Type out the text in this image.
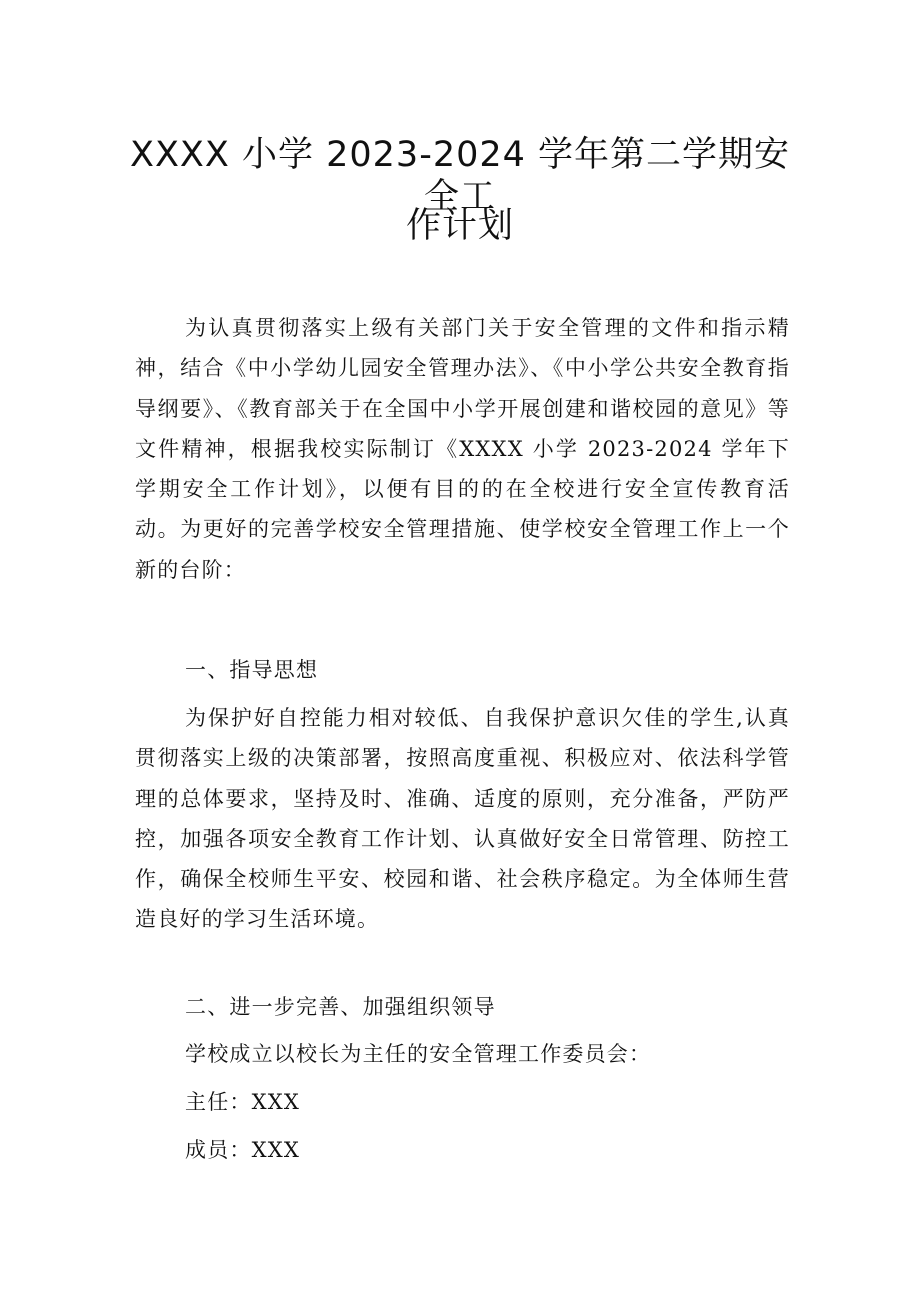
XXXX 小学 2023-2024 学年第二学期安全工
作计划

为认真贯彻落实上级有关部门关于安全管理的文件和指示精神，结合《中小学幼儿园安全管理办法》、《中小学公共安全教育指导纲要》、《教育部关于在全国中小学开展创建和谐校园的意见》等文件精神，根据我校实际制订《XXXX 小学 2023-2024 学年下学期安全工作计划》，以便有目的的在全校进行安全宣传教育活动。为更好的完善学校安全管理措施、使学校安全管理工作上一个新的台阶：

一、指导思想

为保护好自控能力相对较低、自我保护意识欠佳的学生,认真贯彻落实上级的决策部署，按照高度重视、积极应对、依法科学管理的总体要求，坚持及时、准确、适度的原则，充分准备，严防严控，加强各项安全教育工作计划、认真做好安全日常管理、防控工作，确保全校师生平安、校园和谐、社会秩序稳定。为全体师生营造良好的学习生活环境。

二、进一步完善、加强组织领导

学校成立以校长为主任的安全管理工作委员会：

主任：XXX

成员：XXX
